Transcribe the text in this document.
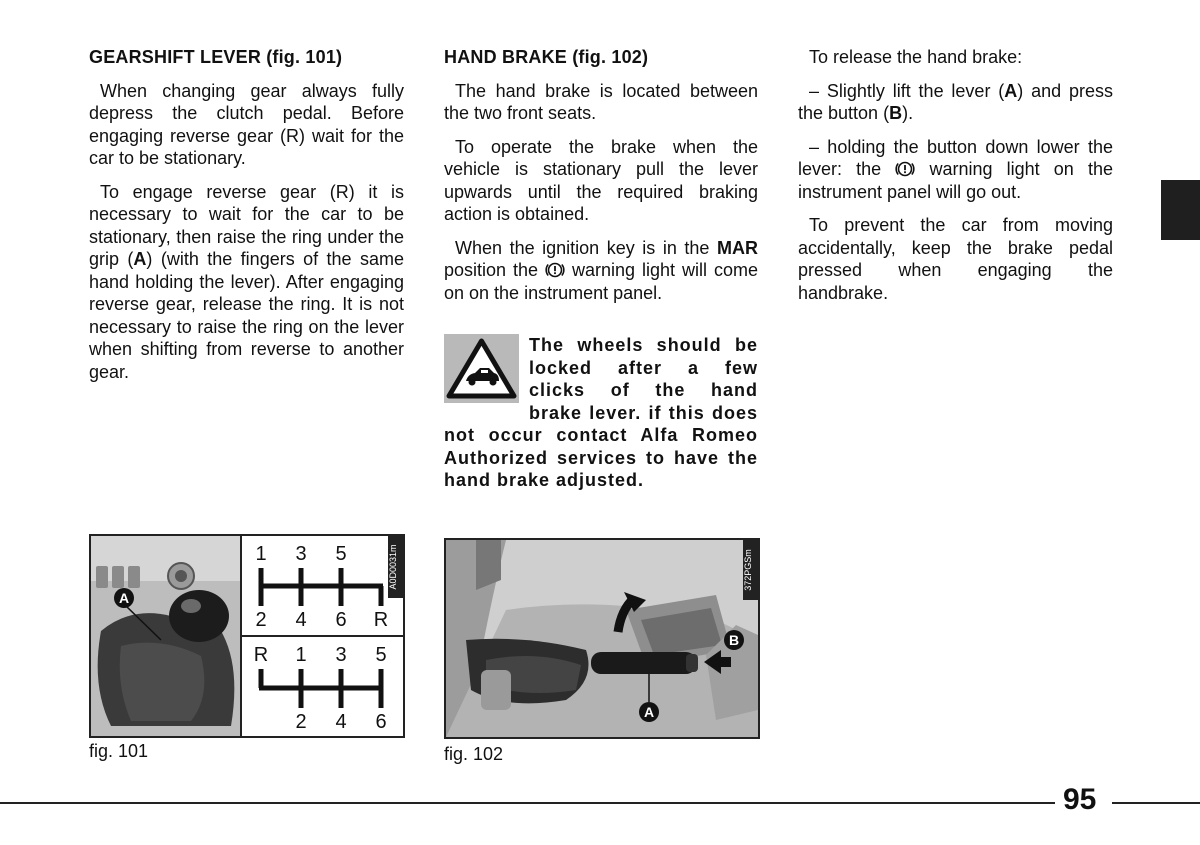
GEARSHIFT LEVER (fig. 101)

When changing gear always fully depress the clutch pedal. Before engaging reverse gear (R) wait for the car to be stationary.

To engage reverse gear (R) it is necessary to wait for the car to be stationary, then raise the ring under the grip (A) (with the fingers of the same hand holding the lever). After engaging reverse gear, release the ring. It is not necessary to raise the ring on the lever when shifting from reverse to another gear.

HAND BRAKE (fig. 102)

The hand brake is located between the two front seats.

To operate the brake when the vehicle is stationary pull the lever upwards until the required braking action is obtained.

When the ignition key is in the MAR position the  warning light will come on on the instrument panel.

The wheels should be locked after a few clicks of the hand brake lever. if this does not occur contact Alfa Romeo Authorized services to have the hand brake adjusted.

To release the hand brake:

– Slightly lift the lever (A) and press the button (B).

– holding the button down lower the lever: the  warning light on the instrument panel will go out.

To prevent the car from moving accidentally, keep the brake pedal pressed when engaging the handbrake.

A
A0D0031m
1 3 5
2 4 6 R
R 1 3 5
2 4 6
fig. 101
B
A
372PGSm
fig. 102
95
